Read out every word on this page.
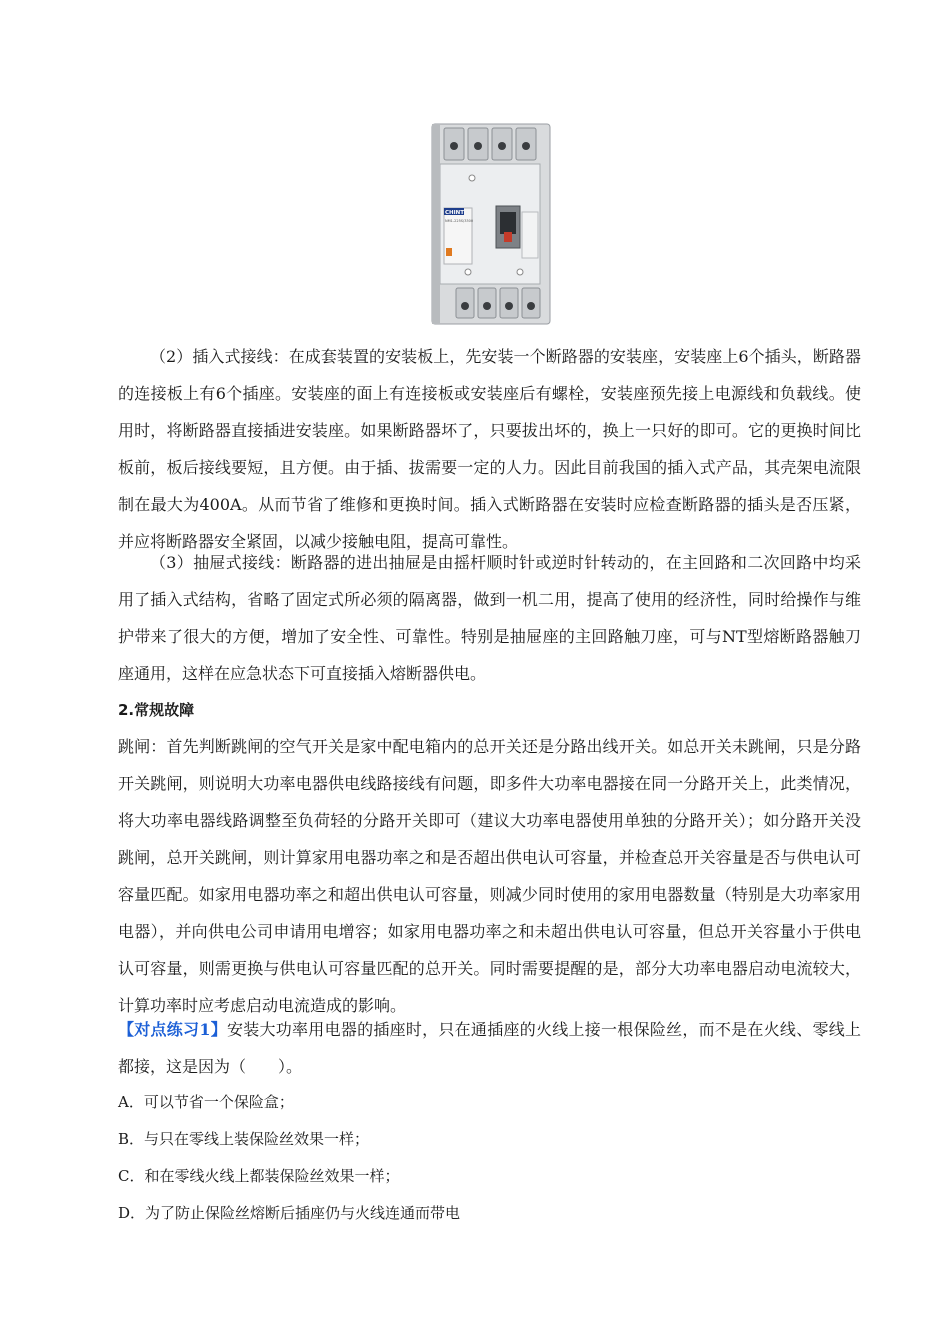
CHINT
NM1-225S/3300

（2）插入式接线：在成套装置的安装板上，先安装一个断路器的安装座，安装座上6个插头，断路器的连接板上有6个插座。安装座的面上有连接板或安装座后有螺栓，安装座预先接上电源线和负载线。使用时，将断路器直接插进安装座。如果断路器坏了，只要拔出坏的，换上一只好的即可。它的更换时间比板前，板后接线要短，且方便。由于插、拔需要一定的人力。因此目前我国的插入式产品，其壳架电流限制在最大为400A。从而节省了维修和更换时间。插入式断路器在安装时应检查断路器的插头是否压紧，并应将断路器安全紧固，以减少接触电阻，提高可靠性。

（3）抽屉式接线：断路器的进出抽屉是由摇杆顺时针或逆时针转动的，在主回路和二次回路中均采用了插入式结构，省略了固定式所必须的隔离器，做到一机二用，提高了使用的经济性，同时给操作与维护带来了很大的方便，增加了安全性、可靠性。特别是抽屉座的主回路触刀座，可与NT型熔断路器触刀座通用，这样在应急状态下可直接插入熔断器供电。

2.常规故障

跳闸：首先判断跳闸的空气开关是家中配电箱内的总开关还是分路出线开关。如总开关未跳闸，只是分路开关跳闸，则说明大功率电器供电线路接线有问题，即多件大功率电器接在同一分路开关上，此类情况，将大功率电器线路调整至负荷轻的分路开关即可（建议大功率电器使用单独的分路开关）；如分路开关没跳闸，总开关跳闸，则计算家用电器功率之和是否超出供电认可容量，并检查总开关容量是否与供电认可容量匹配。如家用电器功率之和超出供电认可容量，则减少同时使用的家用电器数量（特别是大功率家用电器），并向供电公司申请用电增容；如家用电器功率之和未超出供电认可容量，但总开关容量小于供电认可容量，则需更换与供电认可容量匹配的总开关。同时需要提醒的是，部分大功率电器启动电流较大，计算功率时应考虑启动电流造成的影响。

【对点练习1】安装大功率用电器的插座时，只在通插座的火线上接一根保险丝，而不是在火线、零线上都接，这是因为（　　）。

A．可以节省一个保险盒；
B．与只在零线上装保险丝效果一样；
C．和在零线火线上都装保险丝效果一样；
D．为了防止保险丝熔断后插座仍与火线连通而带电
